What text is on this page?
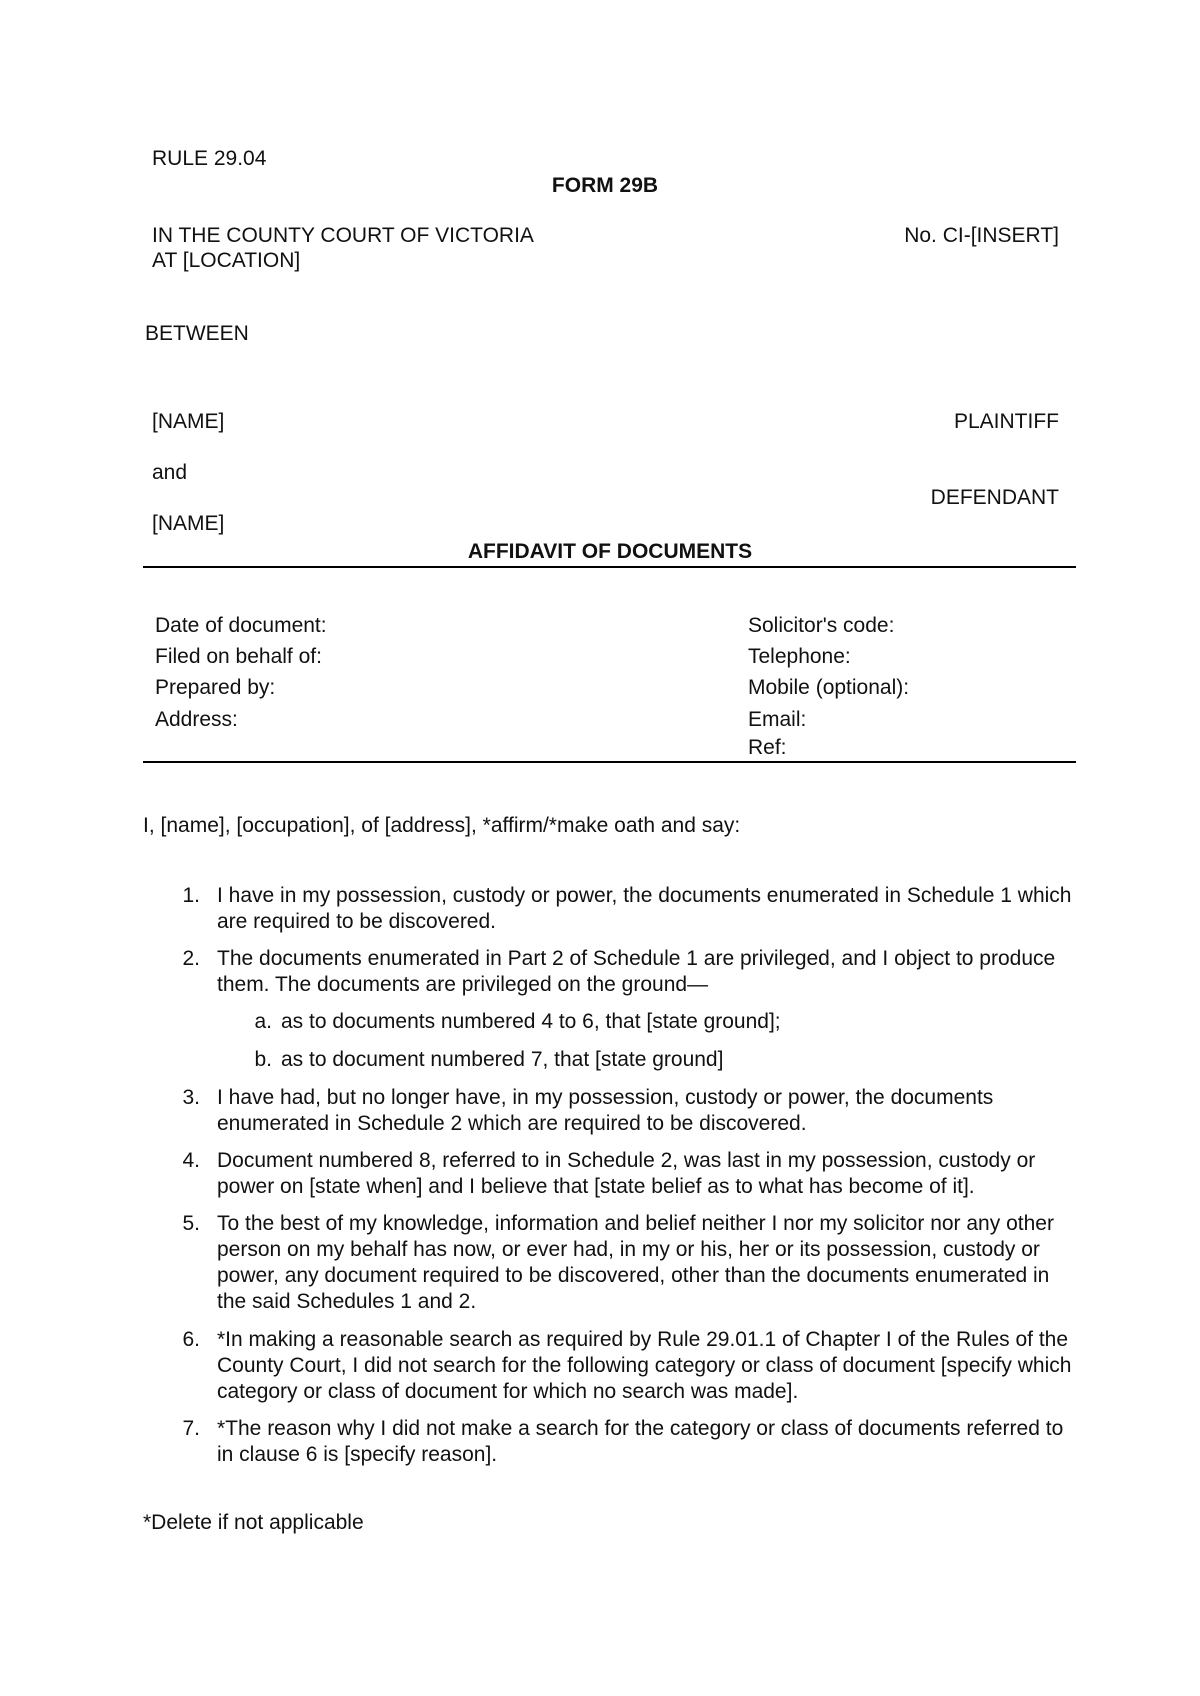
RULE 29.04
FORM 29B
IN THE COUNTY COURT OF VICTORIA
AT [LOCATION]
No. CI-[INSERT]
BETWEEN
[NAME]	PLAINTIFF
and
DEFENDANT
[NAME]
AFFIDAVIT OF DOCUMENTS
Date of document:
Filed on behalf of:
Prepared by:
Address:
Solicitor's code:
Telephone:
Mobile (optional):
Email:
Ref:
I, [name], [occupation], of [address], *affirm/*make oath and say:
1. I have in my possession, custody or power, the documents enumerated in Schedule 1 which are required to be discovered.
2. The documents enumerated in Part 2 of Schedule 1 are privileged, and I object to produce them. The documents are privileged on the ground—
a. as to documents numbered 4 to 6, that [state ground];
b. as to document numbered 7, that [state ground]
3. I have had, but no longer have, in my possession, custody or power, the documents enumerated in Schedule 2 which are required to be discovered.
4. Document numbered 8, referred to in Schedule 2, was last in my possession, custody or power on [state when] and I believe that [state belief as to what has become of it].
5. To the best of my knowledge, information and belief neither I nor my solicitor nor any other person on my behalf has now, or ever had, in my or his, her or its possession, custody or power, any document required to be discovered, other than the documents enumerated in the said Schedules 1 and 2.
6. *In making a reasonable search as required by Rule 29.01.1 of Chapter I of the Rules of the County Court, I did not search for the following category or class of document [specify which category or class of document for which no search was made].
7. *The reason why I did not make a search for the category or class of documents referred to in clause 6 is [specify reason].
*Delete if not applicable
